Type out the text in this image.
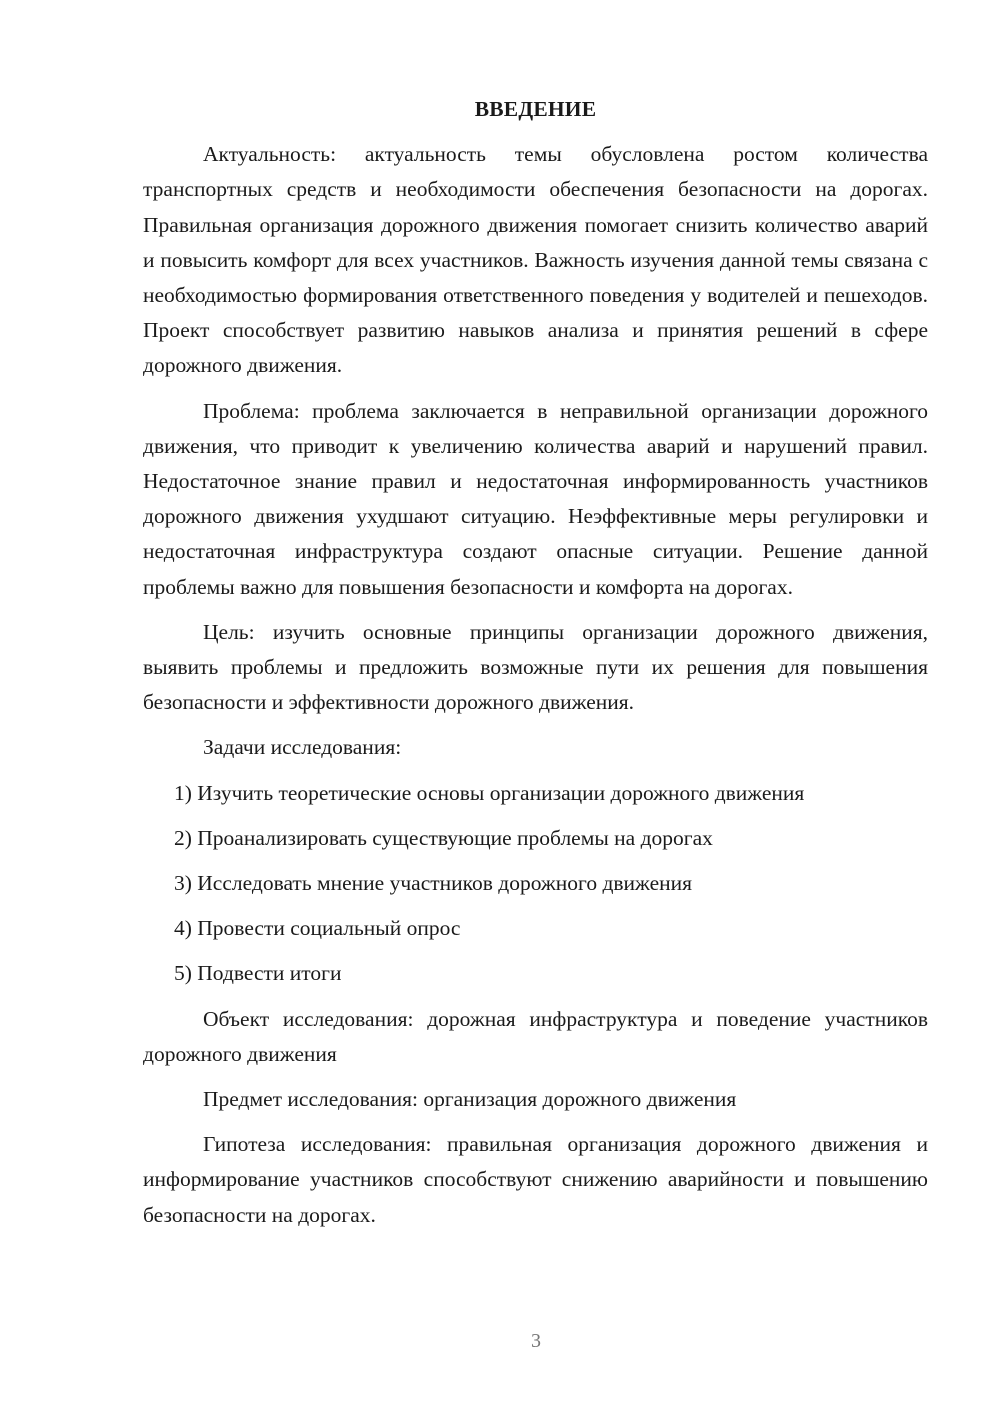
ВВЕДЕНИЕ

Актуальность: актуальность темы обусловлена ростом количества транспортных средств и необходимости обеспечения безопасности на дорогах. Правильная организация дорожного движения помогает снизить количество аварий и повысить комфорт для всех участников. Важность изучения данной темы связана с необходимостью формирования ответственного поведения у водителей и пешеходов. Проект способствует развитию навыков анализа и принятия решений в сфере дорожного движения.

Проблема: проблема заключается в неправильной организации дорожного движения, что приводит к увеличению количества аварий и нарушений правил. Недостаточное знание правил и недостаточная информированность участников дорожного движения ухудшают ситуацию. Неэффективные меры регулировки и недостаточная инфраструктура создают опасные ситуации. Решение данной проблемы важно для повышения безопасности и комфорта на дорогах.

Цель: изучить основные принципы организации дорожного движения, выявить проблемы и предложить возможные пути их решения для повышения безопасности и эффективности дорожного движения.

Задачи исследования:

1) Изучить теоретические основы организации дорожного движения
2) Проанализировать существующие проблемы на дорогах
3) Исследовать мнение участников дорожного движения
4) Провести социальный опрос
5) Подвести итоги

Объект исследования: дорожная инфраструктура и поведение участников дорожного движения

Предмет исследования: организация дорожного движения

Гипотеза исследования: правильная организация дорожного движения и информирование участников способствуют снижению аварийности и повышению безопасности на дорогах.

3
